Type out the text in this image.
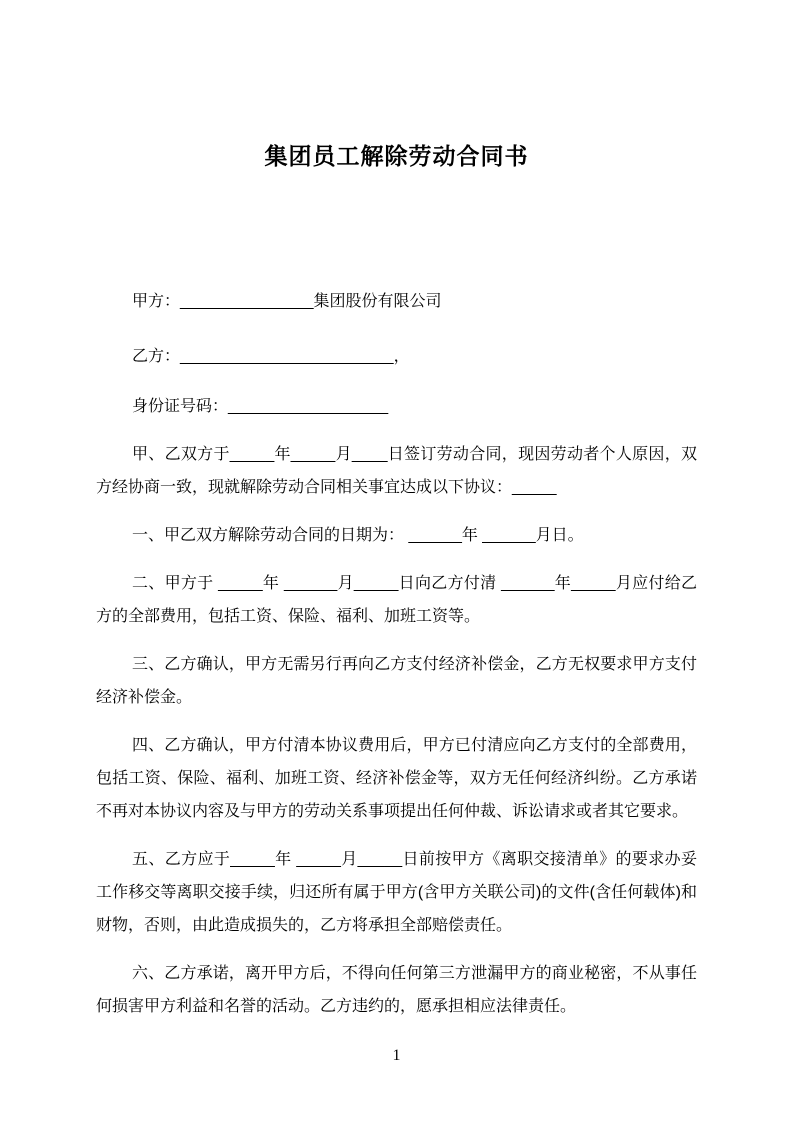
集团员工解除劳动合同书

甲方：_______________集团股份有限公司

乙方：________________________，

身份证号码：__________________

甲、乙双方于_____年_____月____日签订劳动合同，现因劳动者个人原因，双方经协商一致，现就解除劳动合同相关事宜达成以下协议：_____

一、甲乙双方解除劳动合同的日期为： ______年 ______月日。

二、甲方于 _____年 ______月_____日向乙方付清 ______年_____月应付给乙方的全部费用，包括工资、保险、福利、加班工资等。

三、乙方确认，甲方无需另行再向乙方支付经济补偿金，乙方无权要求甲方支付经济补偿金。

四、乙方确认，甲方付清本协议费用后，甲方已付清应向乙方支付的全部费用，包括工资、保险、福利、加班工资、经济补偿金等，双方无任何经济纠纷。乙方承诺不再对本协议内容及与甲方的劳动关系事项提出任何仲裁、诉讼请求或者其它要求。

五、乙方应于_____年 _____月_____日前按甲方《离职交接清单》的要求办妥工作移交等离职交接手续，归还所有属于甲方(含甲方关联公司)的文件(含任何载体)和财物，否则，由此造成损失的，乙方将承担全部赔偿责任。

六、乙方承诺，离开甲方后，不得向任何第三方泄漏甲方的商业秘密，不从事任何损害甲方利益和名誉的活动。乙方违约的，愿承担相应法律责任。

1
